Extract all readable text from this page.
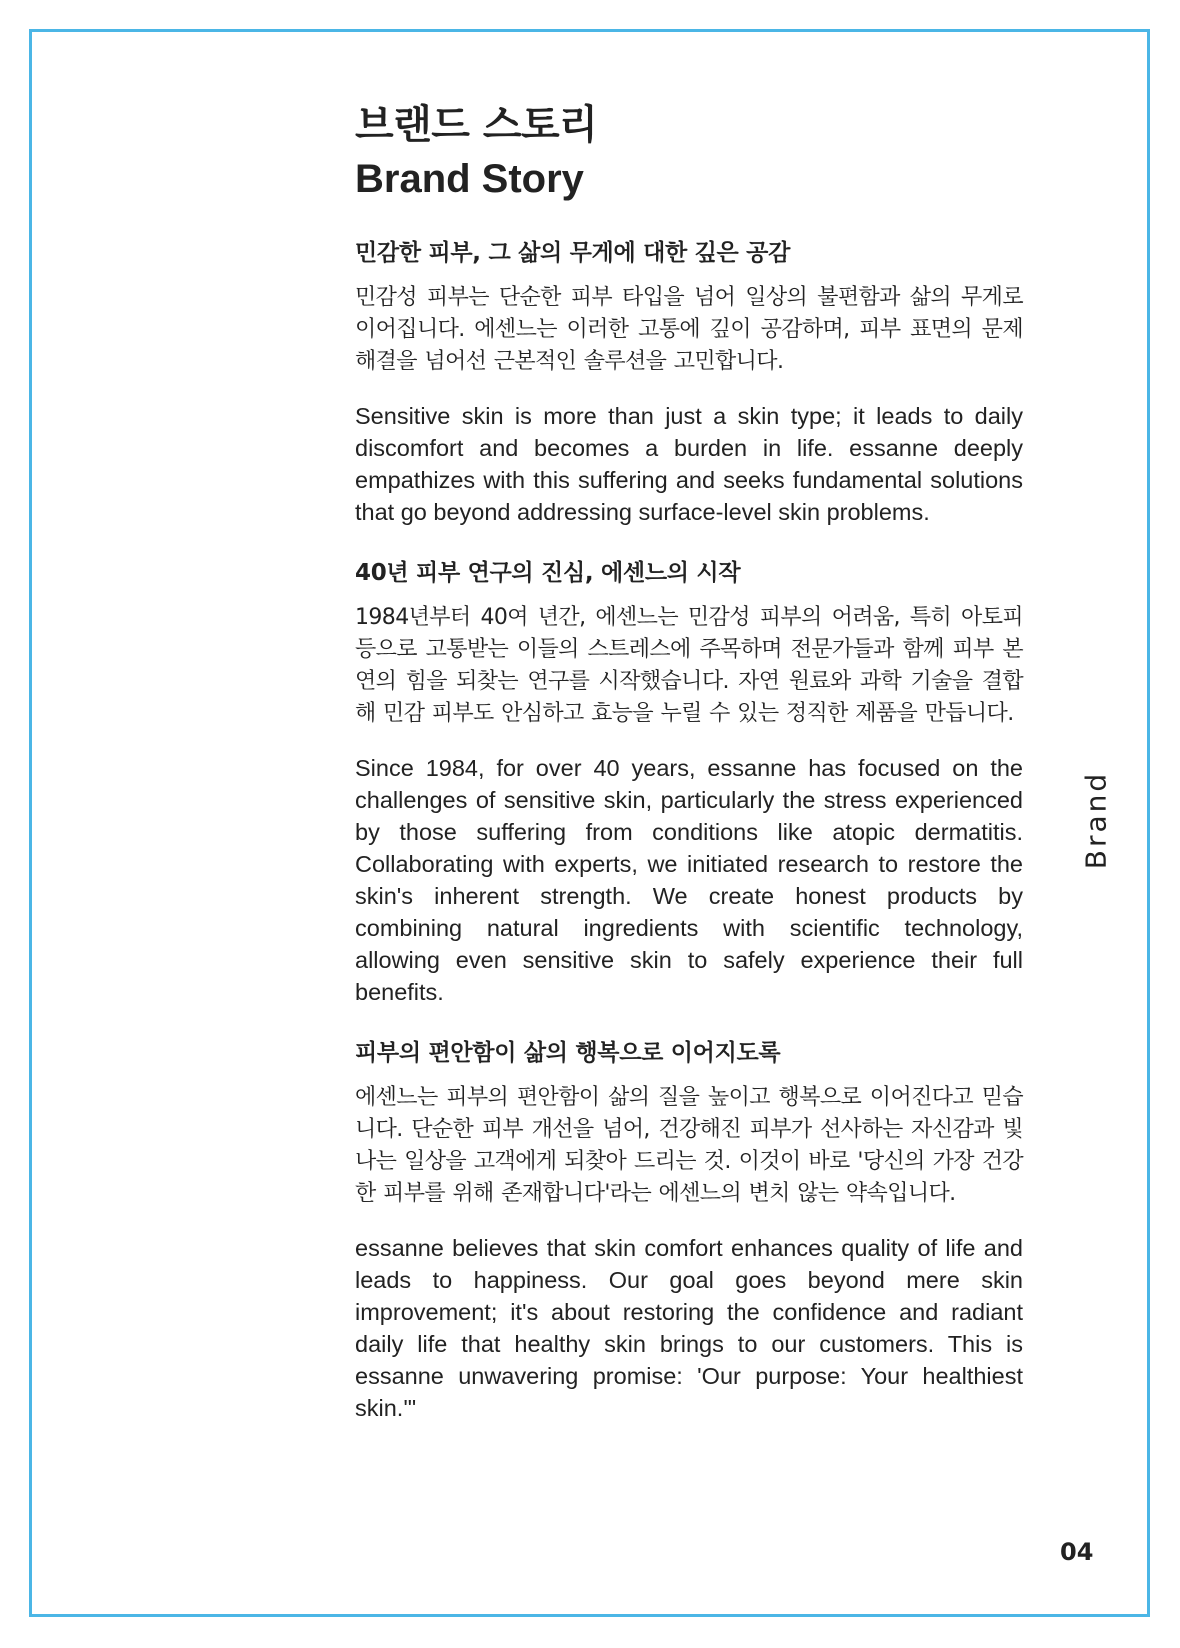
브랜드 스토리
Brand Story
민감한 피부, 그 삶의 무게에 대한 깊은 공감

민감성 피부는 단순한 피부 타입을 넘어 일상의 불편함과 삶의 무게로 이어집니다. 에센느는 이러한 고통에 깊이 공감하며, 피부 표면의 문제 해결을 넘어선 근본적인 솔루션을 고민합니다.

Sensitive skin is more than just a skin type; it leads to daily discomfort and becomes a burden in life. essanne deeply empathizes with this suffering and seeks fundamental solutions that go beyond addressing surface-level skin problems.

40년 피부 연구의 진심, 에센느의 시작

1984년부터 40여 년간, 에센느는 민감성 피부의 어려움, 특히 아토피 등으로 고통받는 이들의 스트레스에 주목하며 전문가들과 함께 피부 본연의 힘을 되찾는 연구를 시작했습니다. 자연 원료와 과학 기술을 결합해 민감 피부도 안심하고 효능을 누릴 수 있는 정직한 제품을 만듭니다.

Since 1984, for over 40 years, essanne has focused on the challenges of sensitive skin, particularly the stress experienced by those suffering from conditions like atopic dermatitis. Collaborating with experts, we initiated research to restore the skin's inherent strength. We create honest products by combining natural ingredients with scientific technology, allowing even sensitive skin to safely experience their full benefits.

피부의 편안함이 삶의 행복으로 이어지도록

에센느는 피부의 편안함이 삶의 질을 높이고 행복으로 이어진다고 믿습니다. 단순한 피부 개선을 넘어, 건강해진 피부가 선사하는 자신감과 빛나는 일상을 고객에게 되찾아 드리는 것. 이것이 바로 '당신의 가장 건강한 피부를 위해 존재합니다'라는 에센느의 변치 않는 약속입니다.

essanne believes that skin comfort enhances quality of life and leads to happiness. Our goal goes beyond mere skin improvement; it's about restoring the confidence and radiant daily life that healthy skin brings to our customers. This is essanne unwavering promise: 'Our purpose: Your healthiest skin.'"

Brand
04
